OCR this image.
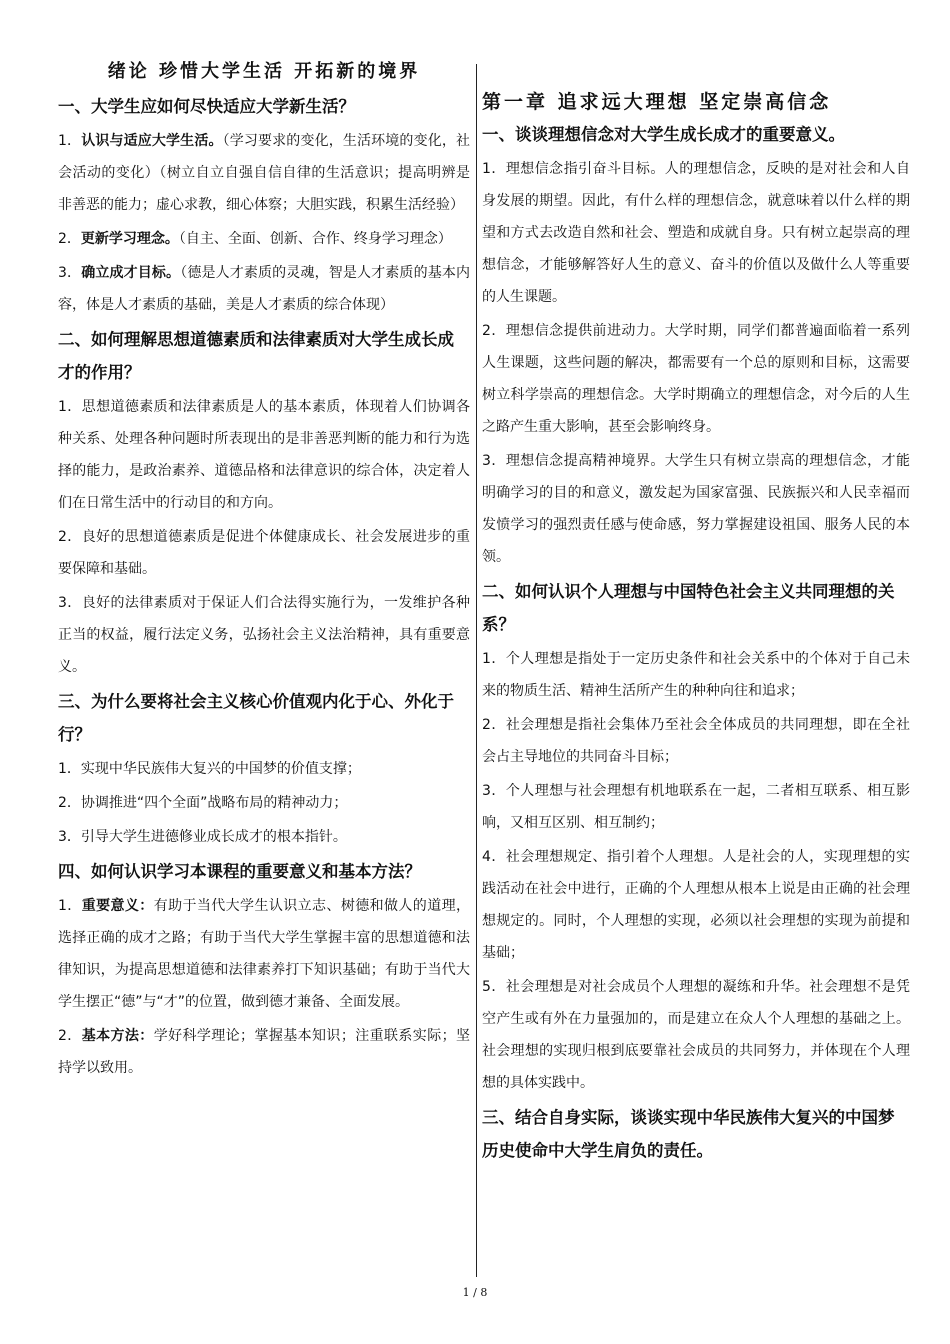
绪论 珍惜大学生活 开拓新的境界
一、大学生应如何尽快适应大学新生活？
1．认识与适应大学生活。（学习要求的变化，生活环境的变化，社会活动的变化）（树立自立自强自信自律的生活意识；提高明辨是非善恶的能力；虚心求教，细心体察；大胆实践，积累生活经验）
2．更新学习理念。（自主、全面、创新、合作、终身学习理念）
3．确立成才目标。（德是人才素质的灵魂，智是人才素质的基本内容，体是人才素质的基础，美是人才素质的综合体现）
二、如何理解思想道德素质和法律素质对大学生成长成才的作用？
1．思想道德素质和法律素质是人的基本素质，体现着人们协调各种关系、处理各种问题时所表现出的是非善恶判断的能力和行为选择的能力，是政治素养、道德品格和法律意识的综合体，决定着人们在日常生活中的行动目的和方向。
2．良好的思想道德素质是促进个体健康成长、社会发展进步的重要保障和基础。
3．良好的法律素质对于保证人们合法得实施行为，一发维护各种正当的权益，履行法定义务，弘扬社会主义法治精神，具有重要意义。
三、为什么要将社会主义核心价值观内化于心、外化于行？
1．实现中华民族伟大复兴的中国梦的价值支撑；
2．协调推进“四个全面”战略布局的精神动力；
3．引导大学生进德修业成长成才的根本指针。
四、如何认识学习本课程的重要意义和基本方法？
1．重要意义：有助于当代大学生认识立志、树德和做人的道理，选择正确的成才之路；有助于当代大学生掌握丰富的思想道德和法律知识，为提高思想道德和法律素养打下知识基础；有助于当代大学生摆正“德”与“才”的位置，做到德才兼备、全面发展。
2．基本方法：学好科学理论；掌握基本知识；注重联系实际；坚持学以致用。
第一章 追求远大理想 坚定崇高信念
一、谈谈理想信念对大学生成长成才的重要意义。
1．理想信念指引奋斗目标。人的理想信念，反映的是对社会和人自身发展的期望。因此，有什么样的理想信念，就意味着以什么样的期望和方式去改造自然和社会、塑造和成就自身。只有树立起崇高的理想信念，才能够解答好人生的意义、奋斗的价值以及做什么人等重要的人生课题。
2．理想信念提供前进动力。大学时期，同学们都普遍面临着一系列人生课题，这些问题的解决，都需要有一个总的原则和目标，这需要树立科学崇高的理想信念。大学时期确立的理想信念，对今后的人生之路产生重大影响，甚至会影响终身。
3．理想信念提高精神境界。大学生只有树立崇高的理想信念，才能明确学习的目的和意义，激发起为国家富强、民族振兴和人民幸福而发愤学习的强烈责任感与使命感，努力掌握建设祖国、服务人民的本领。
二、如何认识个人理想与中国特色社会主义共同理想的关系？
1．个人理想是指处于一定历史条件和社会关系中的个体对于自己未来的物质生活、精神生活所产生的种种向往和追求；
2．社会理想是指社会集体乃至社会全体成员的共同理想，即在全社会占主导地位的共同奋斗目标；
3．个人理想与社会理想有机地联系在一起，二者相互联系、相互影响，又相互区别、相互制约；
4．社会理想规定、指引着个人理想。人是社会的人，实现理想的实践活动在社会中进行，正确的个人理想从根本上说是由正确的社会理想规定的。同时，个人理想的实现，必须以社会理想的实现为前提和基础；
5．社会理想是对社会成员个人理想的凝练和升华。社会理想不是凭空产生或有外在力量强加的，而是建立在众人个人理想的基础之上。社会理想的实现归根到底要靠社会成员的共同努力，并体现在个人理想的具体实践中。
三、结合自身实际，谈谈实现中华民族伟大复兴的中国梦历史使命中大学生肩负的责任。
1 / 8
